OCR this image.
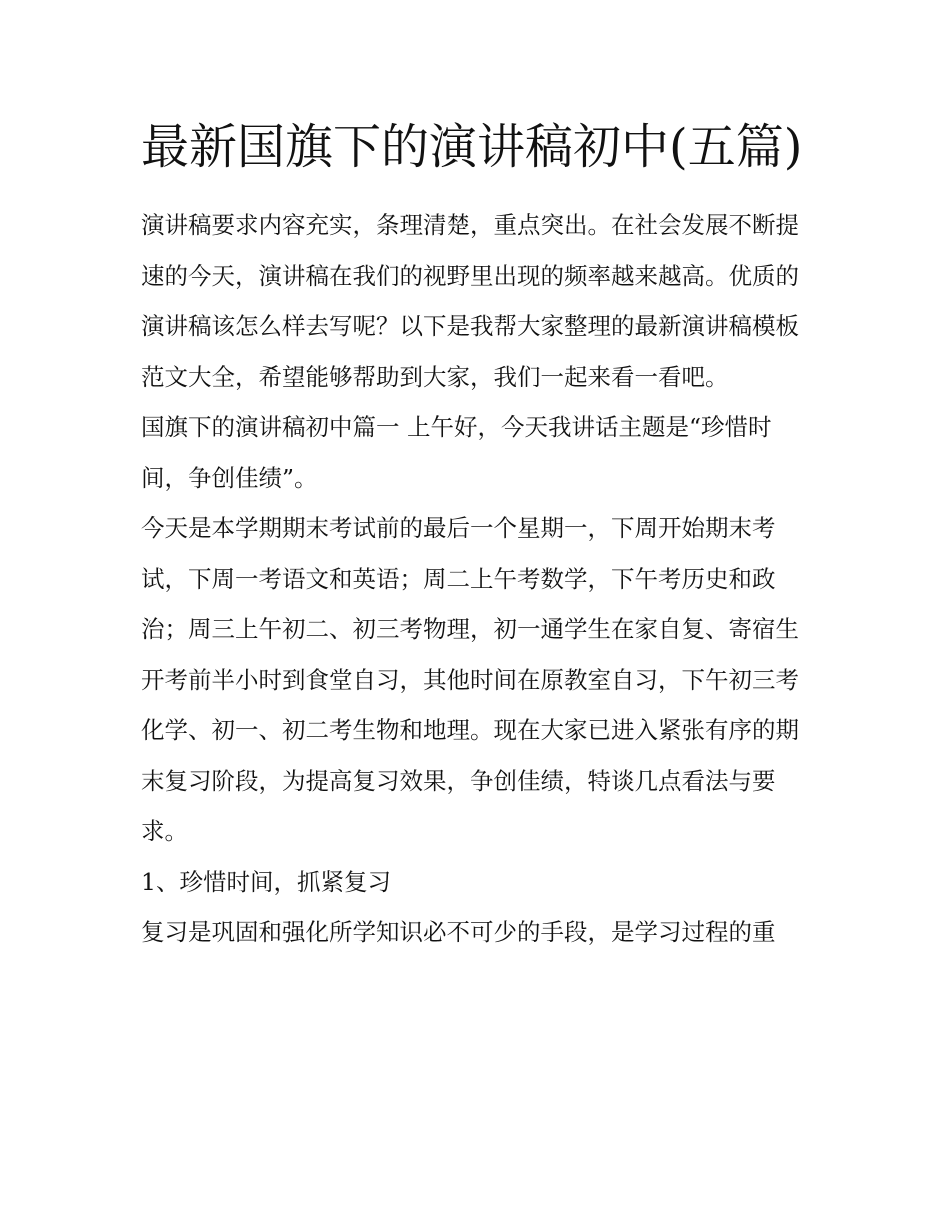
最新国旗下的演讲稿初中(五篇)

演讲稿要求内容充实，条理清楚，重点突出。在社会发展不断提速的今天，演讲稿在我们的视野里出现的频率越来越高。优质的演讲稿该怎么样去写呢？以下是我帮大家整理的最新演讲稿模板范文大全，希望能够帮助到大家，我们一起来看一看吧。

国旗下的演讲稿初中篇一 上午好，今天我讲话主题是“珍惜时间，争创佳绩”。

今天是本学期期末考试前的最后一个星期一，下周开始期末考试，下周一考语文和英语；周二上午考数学，下午考历史和政治；周三上午初二、初三考物理，初一通学生在家自复、寄宿生开考前半小时到食堂自习，其他时间在原教室自习，下午初三考化学、初一、初二考生物和地理。现在大家已进入紧张有序的期末复习阶段，为提高复习效果，争创佳绩，特谈几点看法与要求。

1、珍惜时间，抓紧复习

复习是巩固和强化所学知识必不可少的手段，是学习过程的重
